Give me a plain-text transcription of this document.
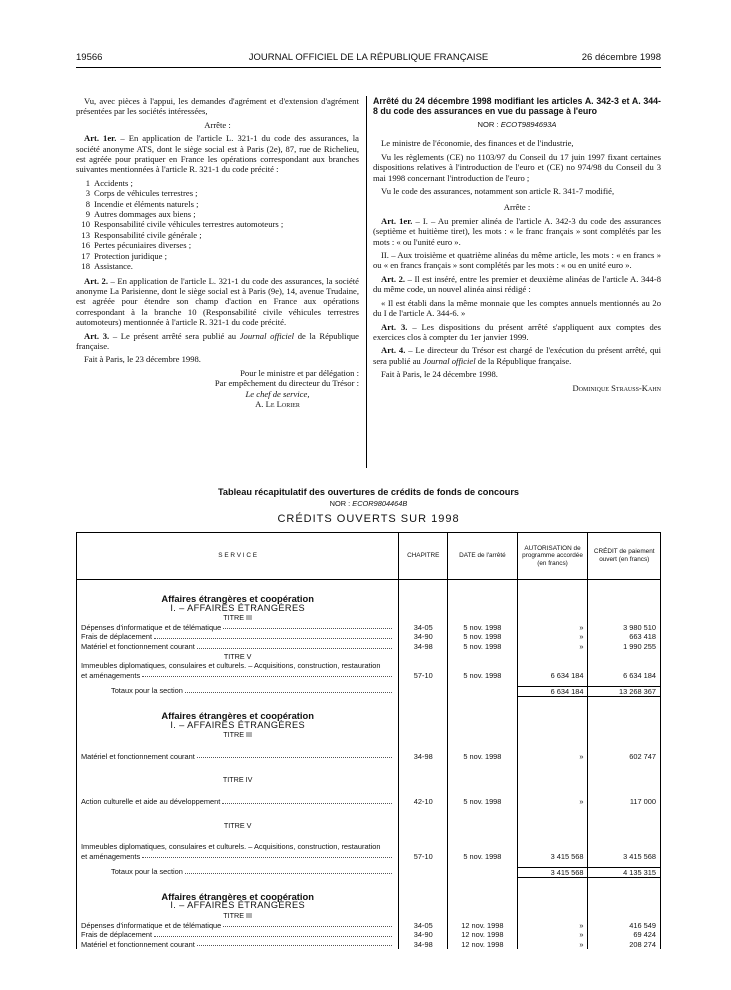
19566	JOURNAL OFFICIEL DE LA RÉPUBLIQUE FRANÇAISE	26 décembre 1998

Vu, avec pièces à l'appui, les demandes d'agrément et d'extension d'agrément présentées par les sociétés intéressées,

Arrête :

Art. 1er. – En application de l'article L. 321-1 du code des assurances, la société anonyme ATS, dont le siège social est à Paris (2e), 87, rue de Richelieu, est agréée pour pratiquer en France les opérations correspondant aux branches suivantes mentionnées à l'article R. 321-1 du code précité :

1 Accidents ;
3 Corps de véhicules terrestres ;
8 Incendie et éléments naturels ;
9 Autres dommages aux biens ;
10 Responsabilité civile véhicules terrestres automoteurs ;
13 Responsabilité civile générale ;
16 Pertes pécuniaires diverses ;
17 Protection juridique ;
18 Assistance.

Art. 2. – En application de l'article L. 321-1 du code des assurances, la société anonyme La Parisienne, dont le siège social est à Paris (9e), 14, avenue Trudaine, est agréée pour étendre son champ d'action en France aux opérations correspondant à la branche 10 (Responsabilité civile véhicules terrestres automoteurs) mentionnée à l'article R. 321-1 du code précité.

Art. 3. – Le présent arrêté sera publié au Journal officiel de la République française.

Fait à Paris, le 23 décembre 1998.

Pour le ministre et par délégation :

Par empêchement du directeur du Trésor :

Le chef de service,

A. Le Lorier

Arrêté du 24 décembre 1998 modifiant les articles A. 342-3 et A. 344-8 du code des assurances en vue du passage à l'euro

NOR : ECOT9894693A

Le ministre de l'économie, des finances et de l'industrie,

Vu les règlements (CE) no 1103/97 du Conseil du 17 juin 1997 fixant certaines dispositions relatives à l'introduction de l'euro et (CE) no 974/98 du Conseil du 3 mai 1998 concernant l'introduction de l'euro ;

Vu le code des assurances, notamment son article R. 341-7 modifié,

Arrête :

Art. 1er. – I. – Au premier alinéa de l'article A. 342-3 du code des assurances (septième et huitième tiret), les mots : « le franc français » sont complétés par les mots : « ou l'unité euro ».

II. – Aux troisième et quatrième alinéas du même article, les mots : « en francs » ou « en francs français » sont complétés par les mots : « ou en unité euro ».

Art. 2. – Il est inséré, entre les premier et deuxième alinéas de l'article A. 344-8 du même code, un nouvel alinéa ainsi rédigé :

« Il est établi dans la même monnaie que les comptes annuels mentionnés au 2o du I de l'article A. 344-6. »

Art. 3. – Les dispositions du présent arrêté s'appliquent aux comptes des exercices clos à compter du 1er janvier 1999.

Art. 4. – Le directeur du Trésor est chargé de l'exécution du présent arrêté, qui sera publié au Journal officiel de la République française.

Fait à Paris, le 24 décembre 1998.

Dominique Strauss-Kahn

Tableau récapitulatif des ouvertures de crédits de fonds de concours
NOR : ECOR9804464B
CRÉDITS OUVERTS SUR 1998
S E R V I C E	CHAPITRE	DATE de l'arrêté	AUTORISATION de programme accordée (en francs)	CRÉDIT de paiement ouvert (en francs)
Affaires étrangères et coopération				
I. – AFFAIRES ÉTRANGÈRES				
TITRE III				

Dépenses d'informatique et de télématique	34-05	5 nov. 1998	»	3 980 510

Frais de déplacement	34-90	5 nov. 1998	»	663 418

Matériel et fonctionnement courant	34-98	5 nov. 1998	»	1 990 255
TITRE V				
Immeubles diplomatiques, consulaires et culturels. – Acquisitions, construction, restauration				

et aménagements	57-10	5 nov. 1998	6 634 184	6 634 184

Totaux pour la section			6 634 184	13 268 367
Affaires étrangères et coopération				
I. – AFFAIRES ÉTRANGÈRES				
TITRE III				

Matériel et fonctionnement courant	34-98	5 nov. 1998	»	602 747

TITRE IV				

Action culturelle et aide au développement	42-10	5 nov. 1998	»	117 000

TITRE V				

Immeubles diplomatiques, consulaires et culturels. – Acquisitions, construction, restauration				

et aménagements	57-10	5 nov. 1998	3 415 568	3 415 568

Totaux pour la section			3 415 568	4 135 315
Affaires étrangères et coopération				
I. – AFFAIRES ÉTRANGÈRES				
TITRE III				

Dépenses d'informatique et de télématique	34-05	12 nov. 1998	»	416 549

Frais de déplacement	34-90	12 nov. 1998	»	69 424

Matériel et fonctionnement courant	34-98	12 nov. 1998	»	208 274
